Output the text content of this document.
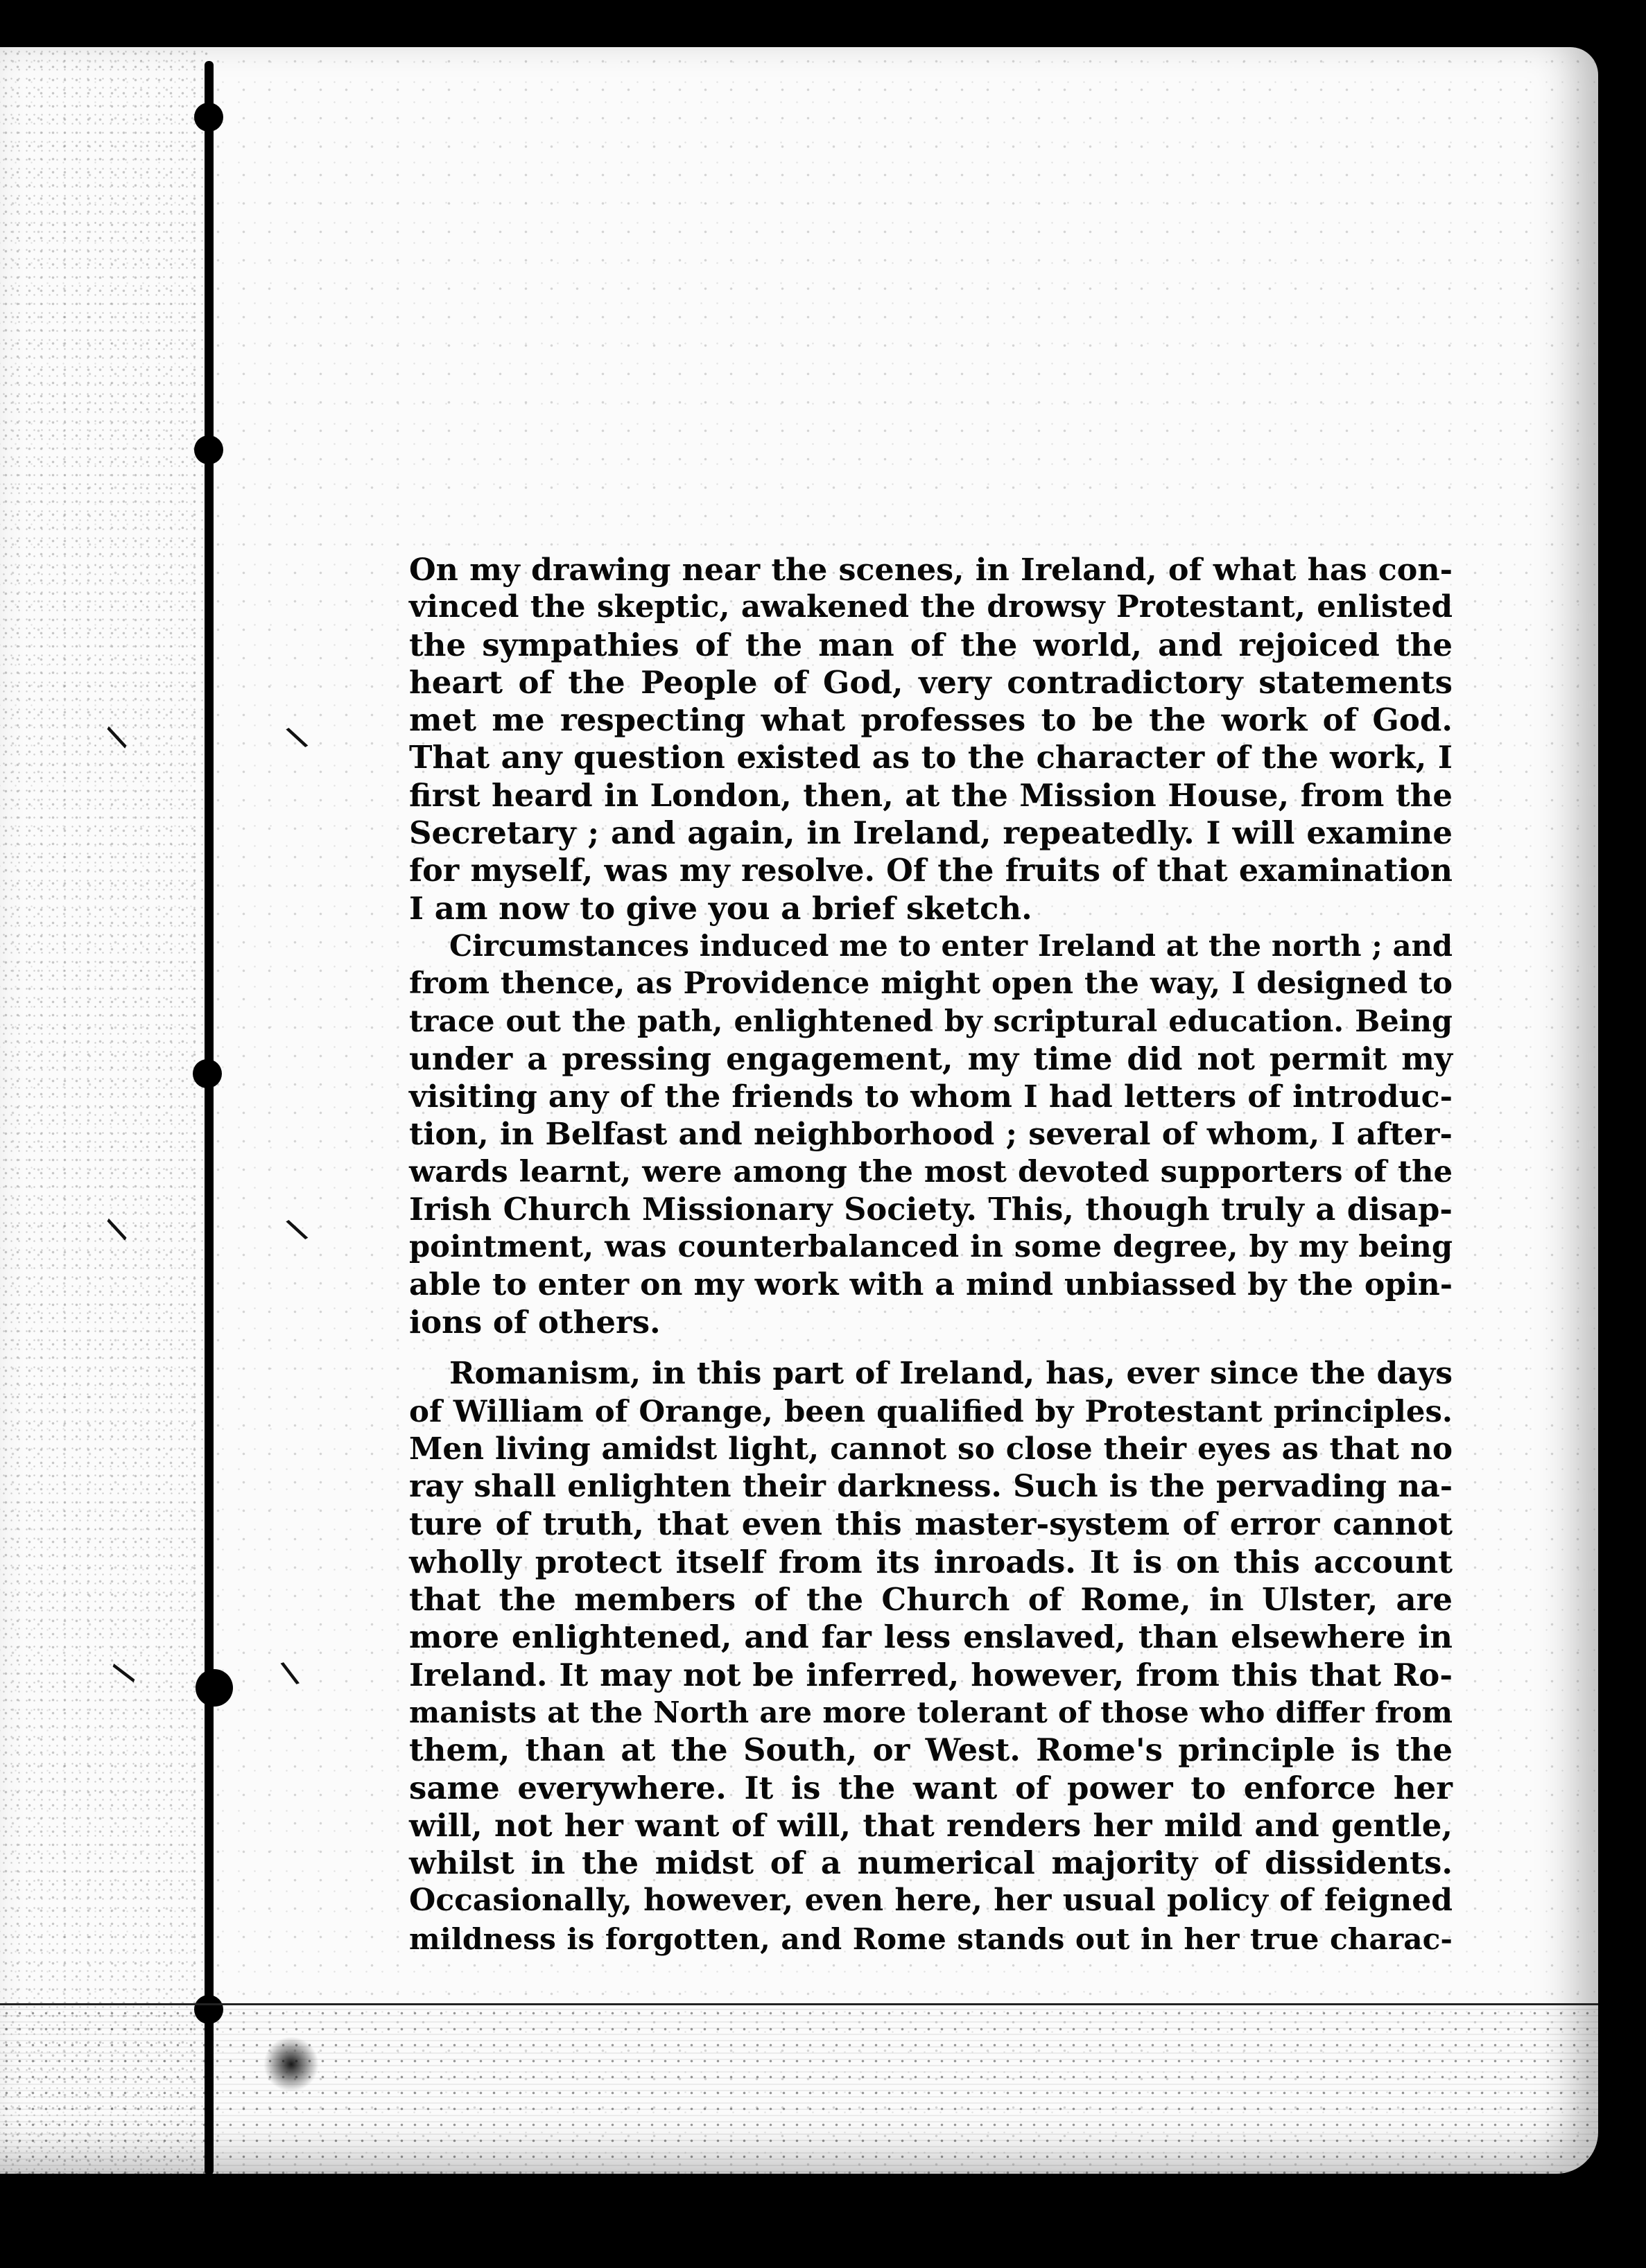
/	\
/	\
/	\

On my drawing near the scenes, in Ireland, of what has con-
vinced the skeptic, awakened the drowsy Protestant, enlisted
the sympathies of the man of the world, and rejoiced the
heart of the People of God, very contradictory statements
met me respecting what professes to be the work of God.
That any question existed as to the character of the work, I
first heard in London, then, at the Mission House, from the
Secretary ; and again, in Ireland, repeatedly. I will examine
for myself, was my resolve. Of the fruits of that examination
I am now to give you a brief sketch.

Circumstances induced me to enter Ireland at the north ; and
from thence, as Providence might open the way, I designed to
trace out the path, enlightened by scriptural education. Being
under a pressing engagement, my time did not permit my
visiting any of the friends to whom I had letters of introduc-
tion, in Belfast and neighborhood ; several of whom, I after-
wards learnt, were among the most devoted supporters of the
Irish Church Missionary Society. This, though truly a disap-
pointment, was counterbalanced in some degree, by my being
able to enter on my work with a mind unbiassed by the opin-
ions of others.

Romanism, in this part of Ireland, has, ever since the days
of William of Orange, been qualified by Protestant principles.
Men living amidst light, cannot so close their eyes as that no
ray shall enlighten their darkness. Such is the pervading na-
ture of truth, that even this master-system of error cannot
wholly protect itself from its inroads. It is on this account
that the members of the Church of Rome, in Ulster, are
more enlightened, and far less enslaved, than elsewhere in
Ireland. It may not be inferred, however, from this that Ro-
manists at the North are more tolerant of those who differ from
them, than at the South, or West. Rome's principle is the
same everywhere. It is the want of power to enforce her
will, not her want of will, that renders her mild and gentle,
whilst in the midst of a numerical majority of dissidents.
Occasionally, however, even here, her usual policy of feigned
mildness is forgotten, and Rome stands out in her true charac-
